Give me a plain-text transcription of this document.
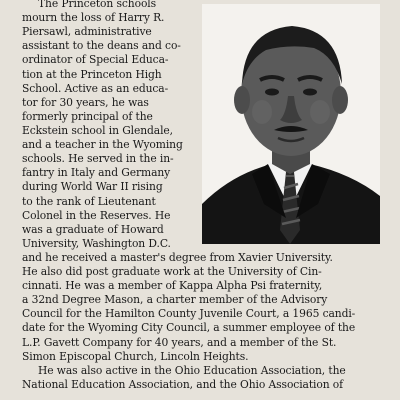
The Princeton schools
mourn the loss of Harry R.
Piersawl, administrative
assistant to the deans and co-
ordinator of Special Educa-
tion at the Princeton High
School. Active as an educa-
tor for 30 years, he was
formerly principal of the
Eckstein school in Glendale,
and a teacher in the Wyoming
schools. He served in the in-
fantry in Italy and Germany
during World War II rising
to the rank of Lieutenant
Colonel in the Reserves. He
was a graduate of Howard
University, Washington D.C.
and he received a master's degree from Xavier University.
He also did post graduate work at the University of Cin-
cinnati. He was a member of Kappa Alpha Psi fraternity,
a 32nd Degree Mason, a charter member of the Advisory
Council for the Hamilton County Juvenile Court, a 1965 candi-
date for the Wyoming City Council, a summer employee of the
L.P. Gavett Company for 40 years, and a member of the St.
Simon Episcopal Church, Lincoln Heights.
He was also active in the Ohio Education Association, the
National Education Association, and the Ohio Association of
